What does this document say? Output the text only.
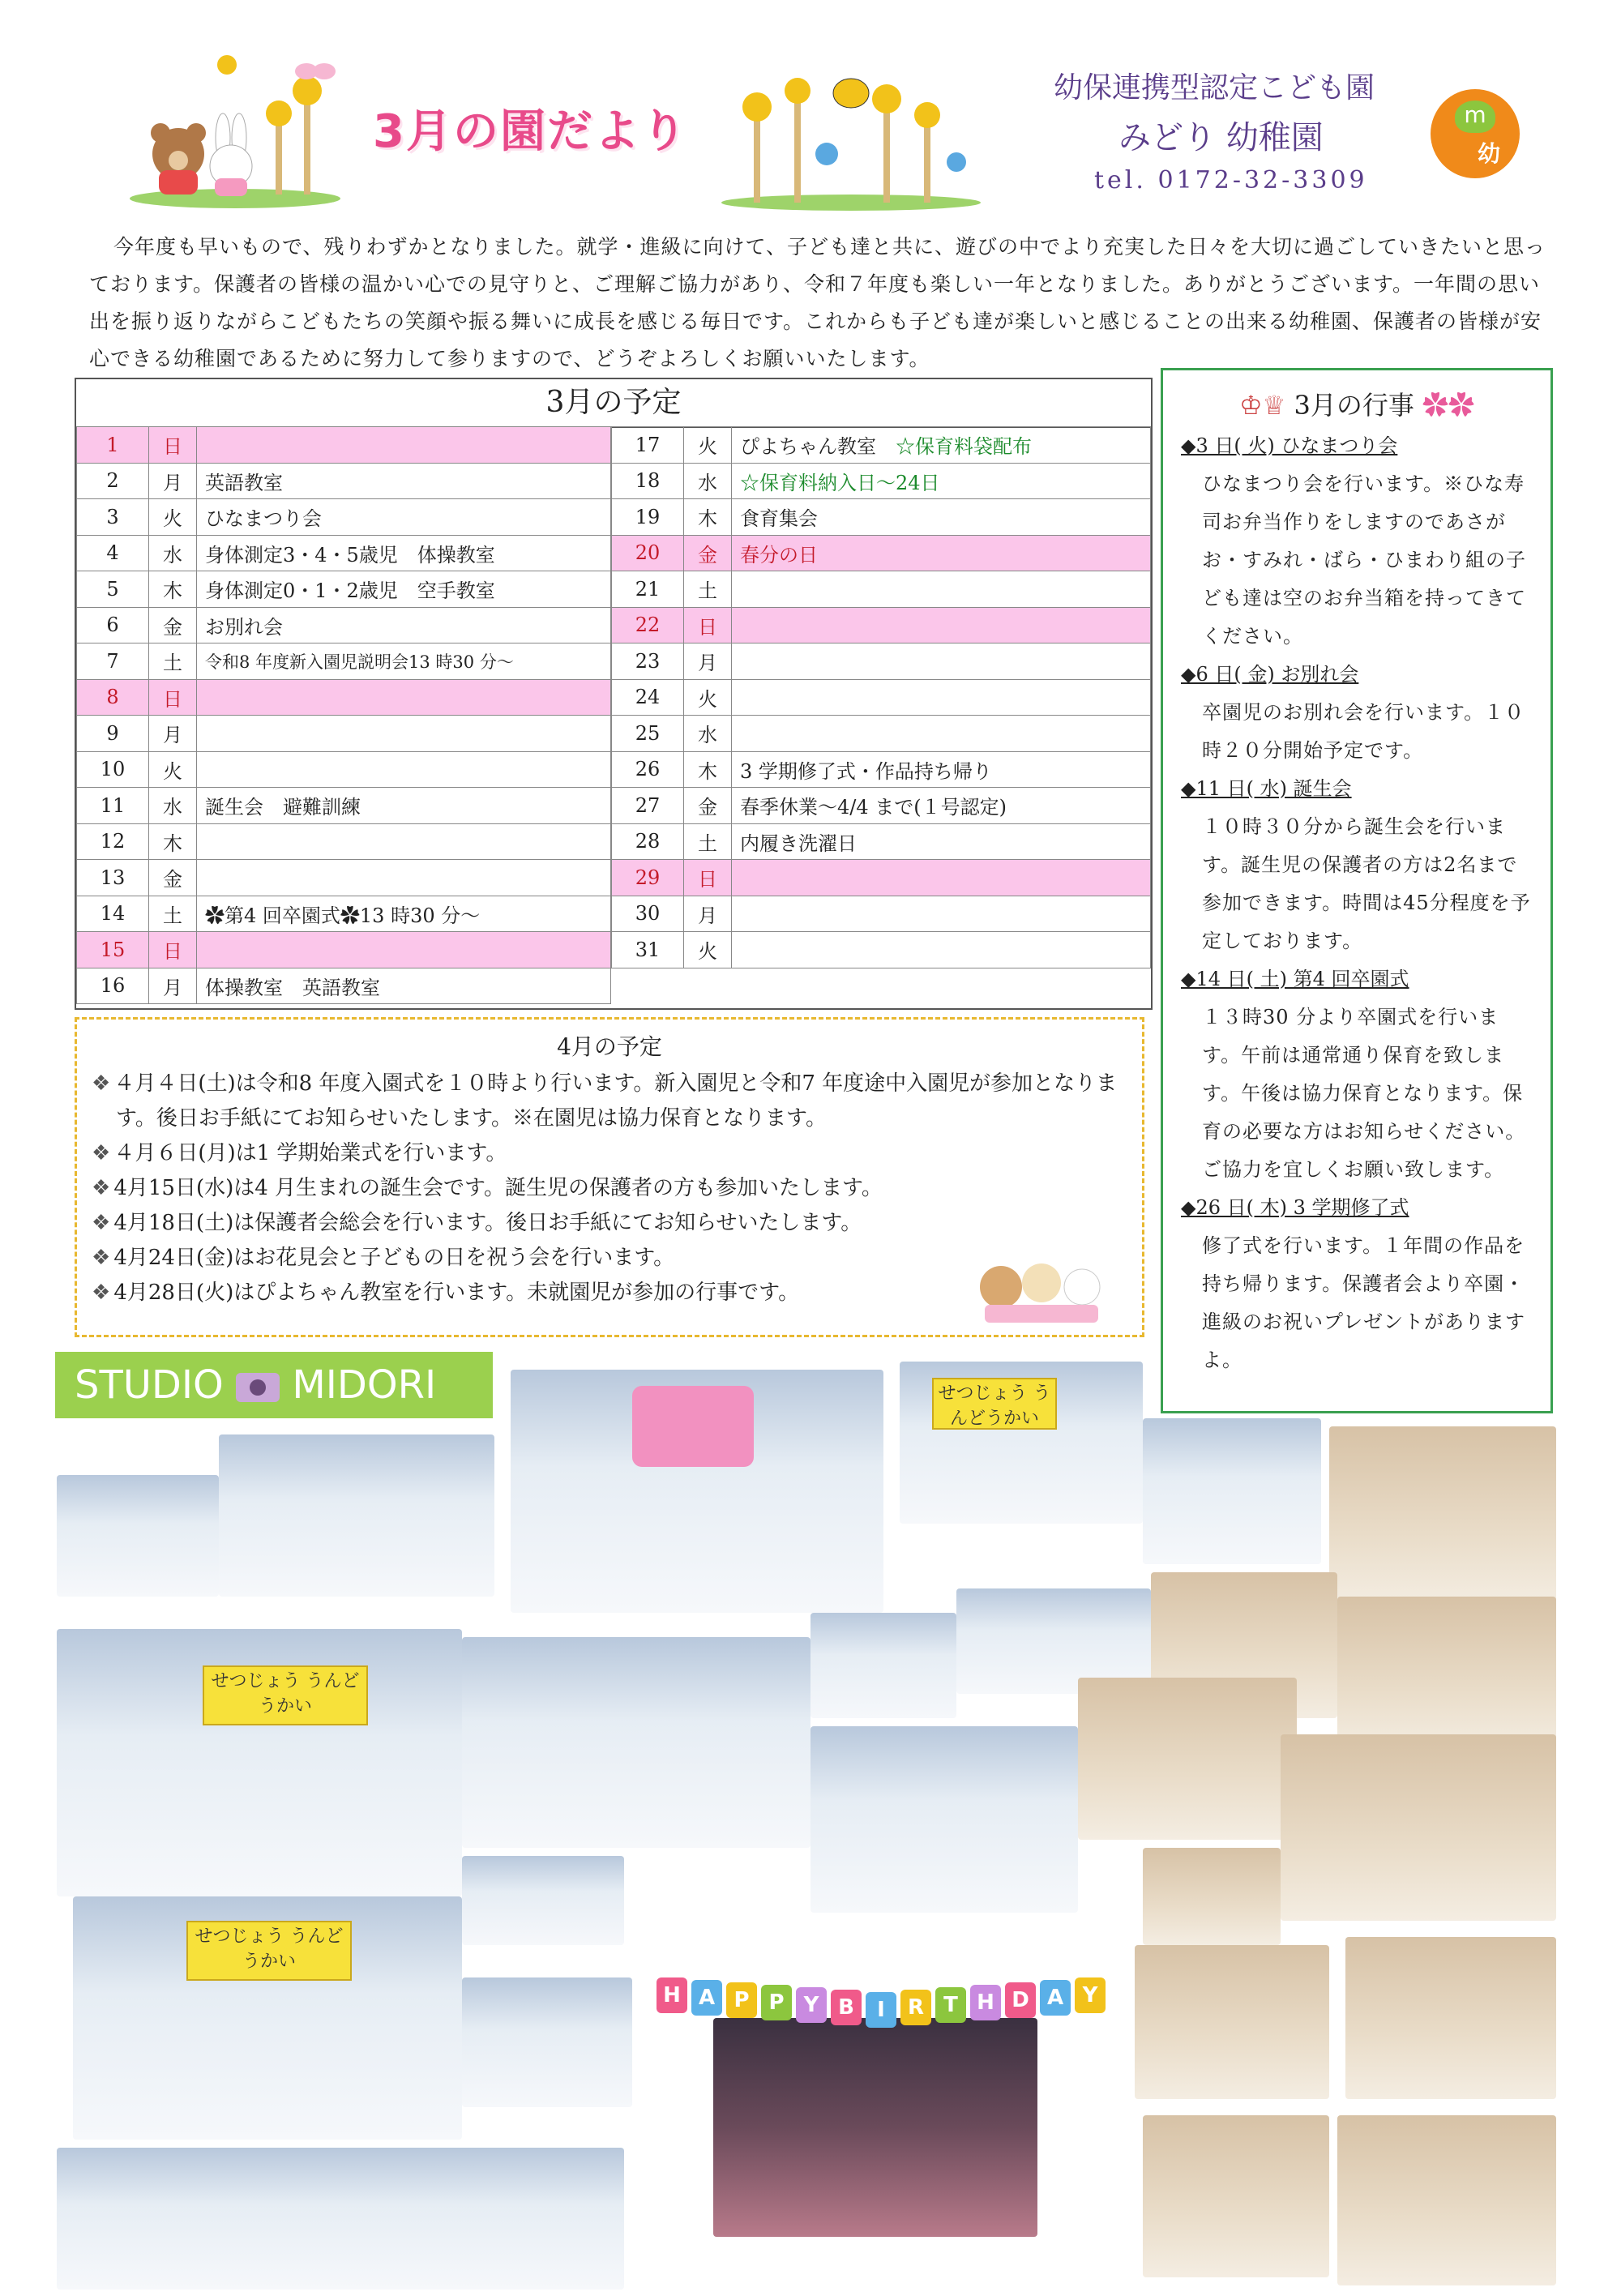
3月の園だより
幼保連携型認定こども園
みどり 幼稚園
tel. 0172-32-3309
m
幼
今年度も早いもので、残りわずかとなりました。就学・進級に向けて、子ども達と共に、遊びの中でより充実した日々を大切に過ごしていきたいと思っております。保護者の皆様の温かい心での見守りと、ご理解ご協力があり、令和７年度も楽しい一年となりました。ありがとうございます。一年間の思い出を振り返りながらこどもたちの笑顔や振る舞いに成長を感じる毎日です。これからも子ども達が楽しいと感じることの出来る幼稚園、保護者の皆様が安心できる幼稚園であるために努力して参りますので、どうぞよろしくお願いいたします。
3月の予定
1	日	
2	月	英語教室
3	火	ひなまつり会
4	水	身体測定3・4・5歳児　体操教室
5	木	身体測定0・1・2歳児　空手教室
6	金	お別れ会
7	土	令和8 年度新入園児説明会13 時30 分～
8	日	
9	月	
10	火	
11	水	誕生会　避難訓練
12	木	
13	金	
14	土	✿第4 回卒園式✿13 時30 分～
15	日	
16	月	体操教室　英語教室
17	火	ぴよちゃん教室　☆保育料袋配布
18	水	☆保育料納入日～24日
19	木	食育集会
20	金	春分の日
21	土	
22	日	
23	月	
24	火	
25	水	
26	木	3 学期修了式・作品持ち帰り
27	金	春季休業～4/4 まで(１号認定)
28	土	内履き洗濯日
29	日	
30	月	
31	火	
4月の予定
❖ ４月４日(土)は令和8 年度入園式を１０時より行います。新入園児と令和7 年度途中入園児が参加となります。後日お手紙にてお知らせいたします。※在園児は協力保育となります。
❖ ４月６日(月)は1 学期始業式を行います。
❖ 4月15日(水)は4 月生まれの誕生会です。誕生児の保護者の方も参加いたします。
❖ 4月18日(土)は保護者会総会を行います。後日お手紙にてお知らせいたします。
❖ 4月24日(金)はお花見会と子どもの日を祝う会を行います。
❖ 4月28日(火)はぴよちゃん教室を行います。未就園児が参加の行事です。
♔♕ 3月の行事 ✿✿
◆3 日( 火) ひなまつり会
ひなまつり会を行います。※ひな寿司お弁当作りをしますのであさがお・すみれ・ばら・ひまわり組の子ども達は空のお弁当箱を持ってきてください。
◆6 日( 金) お別れ会
卒園児のお別れ会を行います。１０時２０分開始予定です。
◆11 日( 水) 誕生会
１０時３０分から誕生会を行います。誕生児の保護者の方は2名まで参加できます。時間は45分程度を予定しております。
◆14 日( 土) 第4 回卒園式
１３時30 分より卒園式を行います。午前は通常通り保育を致します。午後は協力保育となります。保育の必要な方はお知らせください。ご協力を宜しくお願い致します。
◆26 日( 木) 3 学期修了式
修了式を行います。１年間の作品を持ち帰ります。保護者会より卒園・進級のお祝いプレゼントがありますよ。
STUDIO MIDORI	せつじょう うんどうかい
せつじょう うんどうかい
せつじょう うんどうかい
H A P P Y B	I	R T H D A Y
